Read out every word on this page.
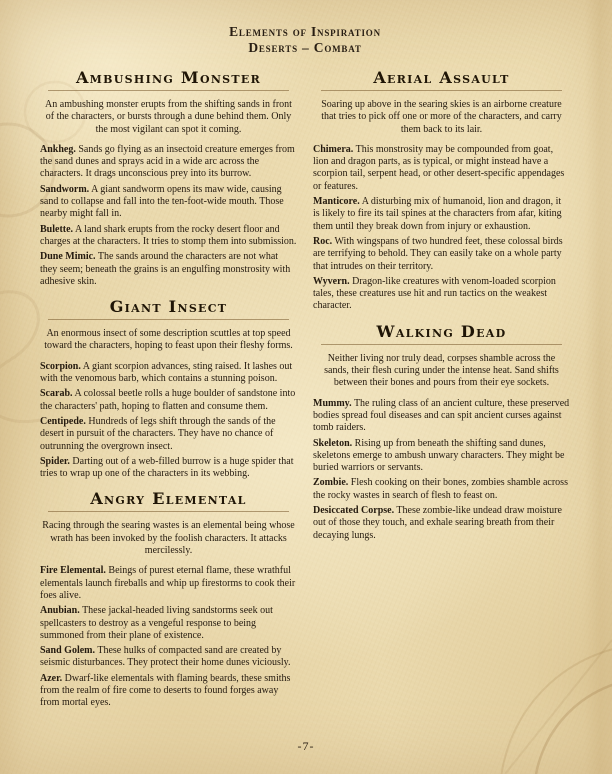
Elements of Inspiration
Deserts – Combat
Ambushing Monster

An ambushing monster erupts from the shifting sands in front of the characters, or bursts through a dune behind them. Only the most vigilant can spot it coming.

Ankheg. Sands go flying as an insectoid creature emerges from the sand dunes and sprays acid in a wide arc across the characters. It drags unconscious prey into its burrow.

Sandworm. A giant sandworm opens its maw wide, causing sand to collapse and fall into the ten-foot-wide mouth. Those nearby might fall in.

Bulette. A land shark erupts from the rocky desert floor and charges at the characters. It tries to stomp them into submission.

Dune Mimic. The sands around the characters are not what they seem; beneath the grains is an engulfing monstrosity with adhesive skin.

Giant Insect

An enormous insect of some description scuttles at top speed toward the characters, hoping to feast upon their fleshy forms.

Scorpion. A giant scorpion advances, sting raised. It lashes out with the venomous barb, which contains a stunning poison.

Scarab. A colossal beetle rolls a huge boulder of sandstone into the characters' path, hoping to flatten and consume them.

Centipede. Hundreds of legs shift through the sands of the desert in pursuit of the characters. They have no chance of outrunning the overgrown insect.

Spider. Darting out of a web-filled burrow is a huge spider that tries to wrap up one of the characters in its webbing.

Angry Elemental

Racing through the searing wastes is an elemental being whose wrath has been invoked by the foolish characters. It attacks mercilessly.

Fire Elemental. Beings of purest eternal flame, these wrathful elementals launch fireballs and whip up firestorms to cook their foes alive.

Anubian. These jackal-headed living sandstorms seek out spellcasters to destroy as a vengeful response to being summoned from their plane of existence.

Sand Golem. These hulks of compacted sand are created by seismic disturbances. They protect their home dunes viciously.

Azer. Dwarf-like elementals with flaming beards, these smiths from the realm of fire come to deserts to found forges away from mortal eyes.

Aerial Assault

Soaring up above in the searing skies is an airborne creature that tries to pick off one or more of the characters, and carry them back to its lair.

Chimera. This monstrosity may be compounded from goat, lion and dragon parts, as is typical, or might instead have a scorpion tail, serpent head, or other desert-specific appendages or features.

Manticore. A disturbing mix of humanoid, lion and dragon, it is likely to fire its tail spines at the characters from afar, kiting them until they break down from injury or exhaustion.

Roc. With wingspans of two hundred feet, these colossal birds are terrifying to behold. They can easily take on a whole party that intrudes on their territory.

Wyvern. Dragon-like creatures with venom-loaded scorpion tales, these creatures use hit and run tactics on the weakest character.

Walking Dead

Neither living nor truly dead, corpses shamble across the sands, their flesh curing under the intense heat. Sand shifts between their bones and pours from their eye sockets.

Mummy. The ruling class of an ancient culture, these preserved bodies spread foul diseases and can spit ancient curses against tomb raiders.

Skeleton. Rising up from beneath the shifting sand dunes, skeletons emerge to ambush unwary characters. They might be buried warriors or servants.

Zombie. Flesh cooking on their bones, zombies shamble across the rocky wastes in search of flesh to feast on.

Desiccated Corpse. These zombie-like undead draw moisture out of those they touch, and exhale searing breath from their decaying lungs.

-7-
